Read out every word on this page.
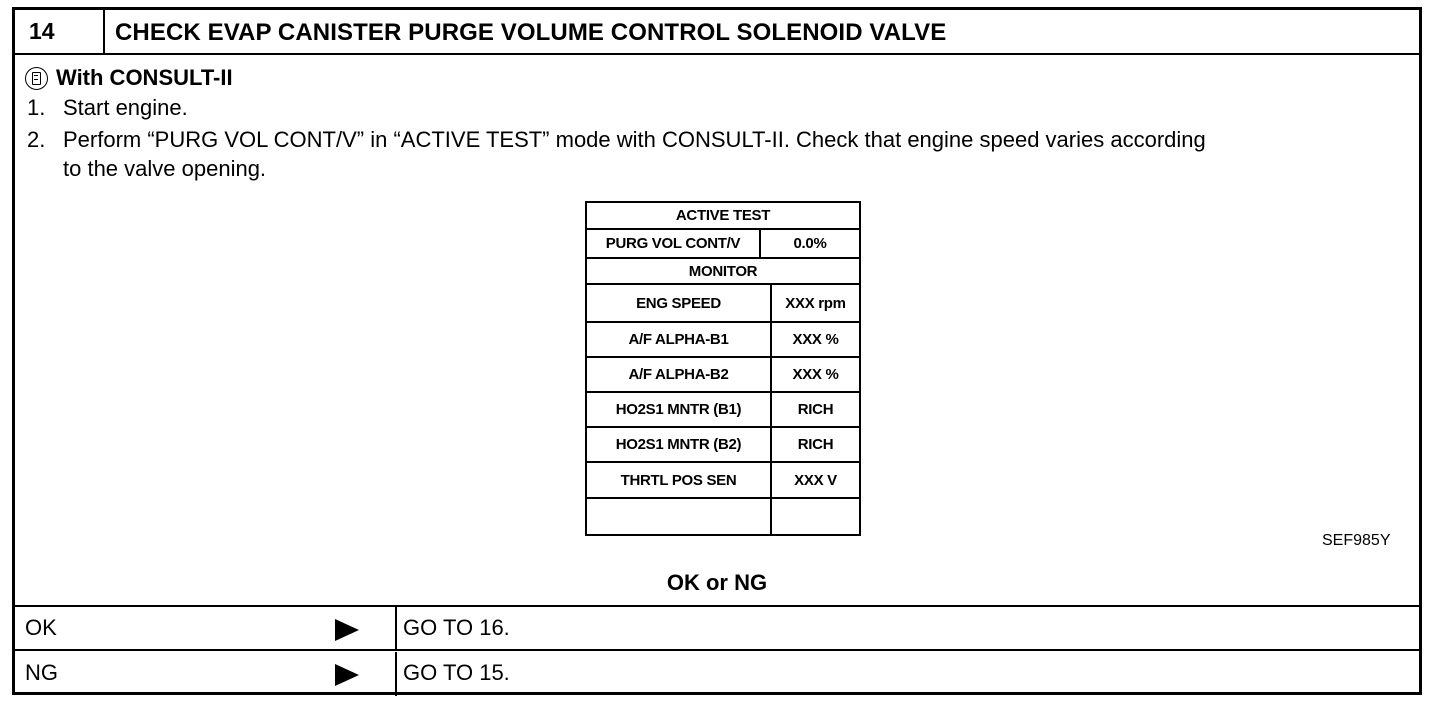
14	CHECK EVAP CANISTER PURGE VOLUME CONTROL SOLENOID VALVE
With CONSULT-II
1. Start engine.
2. Perform “PURG VOL CONT/V” in “ACTIVE TEST” mode with CONSULT-II. Check that engine speed varies according
to the valve opening.
ACTIVE TEST
PURG VOL CONT/V	0.0%
MONITOR
ENG SPEED	XXX rpm
A/F ALPHA-B1	XXX %
A/F ALPHA-B2	XXX %
HO2S1 MNTR (B1)	RICH
HO2S1 MNTR (B2)	RICH
THRTL POS SEN	XXX V
SEF985Y
OK or NG
OK	GO TO 16.
NG	GO TO 15.
